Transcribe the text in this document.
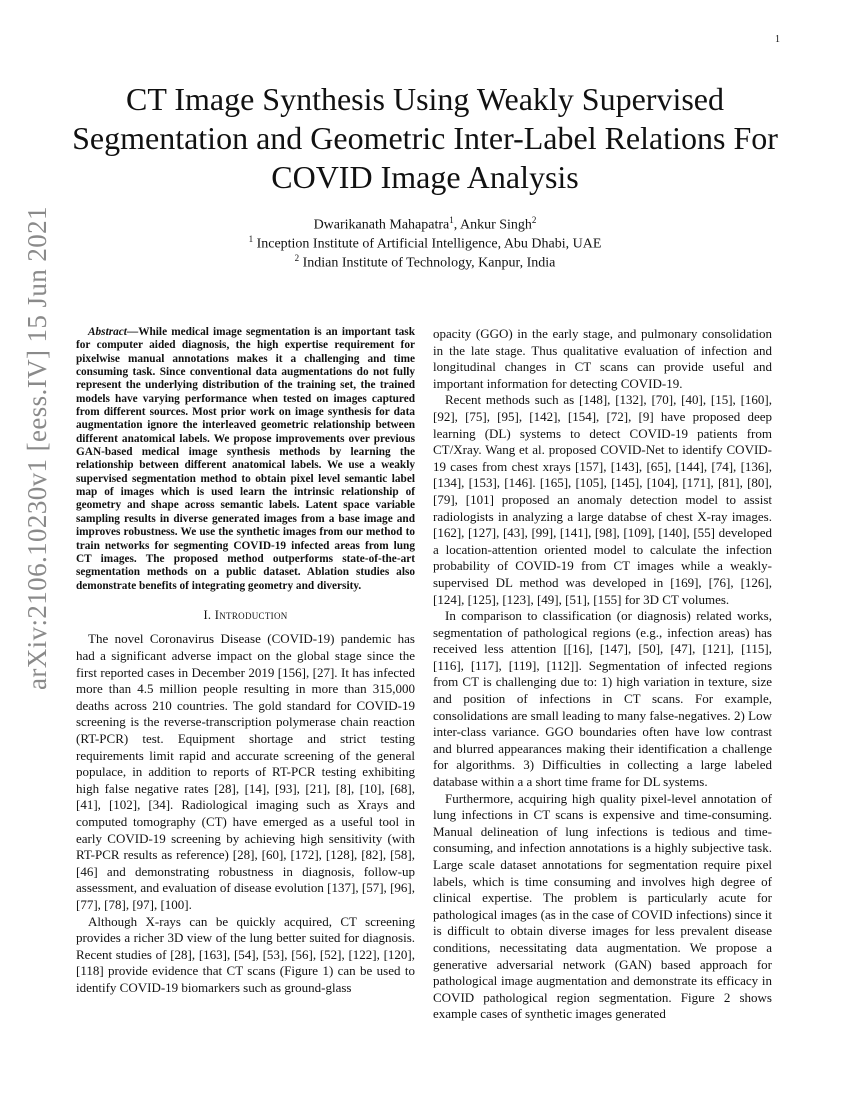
1
arXiv:2106.10230v1 [eess.IV] 15 Jun 2021
CT Image Synthesis Using Weakly Supervised Segmentation and Geometric Inter-Label Relations For COVID Image Analysis
Dwarikanath Mahapatra$^1$, Ankur Singh$^2$
$^1$ Inception Institute of Artificial Intelligence, Abu Dhabi, UAE
$^2$ Indian Institute of Technology, Kanpur, India

Abstract—While medical image segmentation is an important task for computer aided diagnosis, the high expertise requirement for pixelwise manual annotations makes it a challenging and time consuming task. Since conventional data augmentations do not fully represent the underlying distribution of the training set, the trained models have varying performance when tested on images captured from different sources. Most prior work on image synthesis for data augmentation ignore the interleaved geometric relationship between different anatomical labels. We propose improvements over previous GAN-based medical image synthesis methods by learning the relationship between different anatomical labels. We use a weakly supervised segmentation method to obtain pixel level semantic label map of images which is used learn the intrinsic relationship of geometry and shape across semantic labels. Latent space variable sampling results in diverse generated images from a base image and improves robustness. We use the synthetic images from our method to train networks for segmenting COVID-19 infected areas from lung CT images. The proposed method outperforms state-of-the-art segmentation methods on a public dataset. Ablation studies also demonstrate benefits of integrating geometry and diversity.

I. Introduction

The novel Coronavirus Disease (COVID-19) pandemic has had a significant adverse impact on the global stage since the first reported cases in December 2019 [156], [27]. It has infected more than 4.5 million people resulting in more than 315,000 deaths across 210 countries. The gold standard for COVID-19 screening is the reverse-transcription polymerase chain reaction (RT-PCR) test. Equipment shortage and strict testing requirements limit rapid and accurate screening of the general populace, in addition to reports of RT-PCR testing exhibiting high false negative rates [28], [14], [93], [21], [8], [10], [68], [41], [102], [34]. Radiological imaging such as Xrays and computed tomography (CT) have emerged as a useful tool in early COVID-19 screening by achieving high sensitivity (with RT-PCR results as reference) [28], [60], [172], [128], [82], [58], [46] and demonstrating robustness in diagnosis, follow-up assessment, and evaluation of disease evolution [137], [57], [96], [77], [78], [97], [100].

Although X-rays can be quickly acquired, CT screening provides a richer 3D view of the lung better suited for diagnosis. Recent studies of [28], [163], [54], [53], [56], [52], [122], [120], [118] provide evidence that CT scans (Figure 1) can be used to identify COVID-19 biomarkers such as ground-glass

opacity (GGO) in the early stage, and pulmonary consolidation in the late stage. Thus qualitative evaluation of infection and longitudinal changes in CT scans can provide useful and important information for detecting COVID-19.

Recent methods such as [148], [132], [70], [40], [15], [160], [92], [75], [95], [142], [154], [72], [9] have proposed deep learning (DL) systems to detect COVID-19 patients from CT/Xray. Wang et al. proposed COVID-Net to identify COVID-19 cases from chest xrays [157], [143], [65], [144], [74], [136], [134], [153], [146]. [165], [105], [145], [104], [171], [81], [80], [79], [101] proposed an anomaly detection model to assist radiologists in analyzing a large databse of chest X-ray images. [162], [127], [43], [99], [141], [98], [109], [140], [55] developed a location-attention oriented model to calculate the infection probability of COVID-19 from CT images while a weakly-supervised DL method was developed in [169], [76], [126], [124], [125], [123], [49], [51], [155] for 3D CT volumes.

In comparison to classification (or diagnosis) related works, segmentation of pathological regions (e.g., infection areas) has received less attention [[16], [147], [50], [47], [121], [115], [116], [117], [119], [112]]. Segmentation of infected regions from CT is challenging due to: 1) high variation in texture, size and position of infections in CT scans. For example, consolidations are small leading to many false-negatives. 2) Low inter-class variance. GGO boundaries often have low contrast and blurred appearances making their identification a challenge for algorithms. 3) Difficulties in collecting a large labeled database within a a short time frame for DL systems.

Furthermore, acquiring high quality pixel-level annotation of lung infections in CT scans is expensive and time-consuming. Manual delineation of lung infections is tedious and time-consuming, and infection annotations is a highly subjective task. Large scale dataset annotations for segmentation require pixel labels, which is time consuming and involves high degree of clinical expertise. The problem is particularly acute for pathological images (as in the case of COVID infections) since it is difficult to obtain diverse images for less prevalent disease conditions, necessitating data augmentation. We propose a generative adversarial network (GAN) based approach for pathological image augmentation and demonstrate its efficacy in COVID pathological region segmentation. Figure 2 shows example cases of synthetic images generated
